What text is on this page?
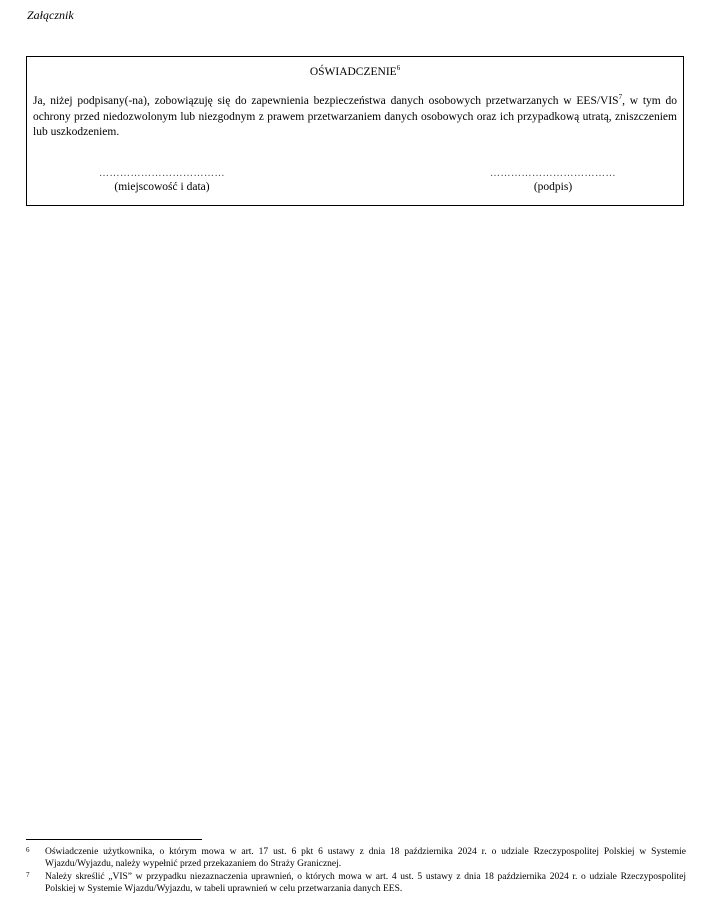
Załącznik
OŚWIADCZENIE$^6$
Ja, niżej podpisany(-na), zobowiązuję się do zapewnienia bezpieczeństwa danych osobowych przetwarzanych w EES/VIS$^7$, w tym do ochrony przed niedozwolonym lub niezgodnym z prawem przetwarzaniem danych osobowych oraz ich przypadkową utratą, zniszczeniem lub uszkodzeniem.
………………………………
(miejscowość i data)
………………………………
(podpis)
6	Oświadczenie użytkownika, o którym mowa w art. 17 ust. 6 pkt 6 ustawy z dnia 18 października 2024 r. o udziale Rzeczypospolitej Polskiej w Systemie Wjazdu/Wyjazdu, należy wypełnić przed przekazaniem do Straży Granicznej.
7	Należy skreślić „VIS” w przypadku niezaznaczenia uprawnień, o których mowa w art. 4 ust. 5 ustawy z dnia 18 października 2024 r. o udziale Rzeczypospolitej Polskiej w Systemie Wjazdu/Wyjazdu, w tabeli uprawnień w celu przetwarzania danych EES.
